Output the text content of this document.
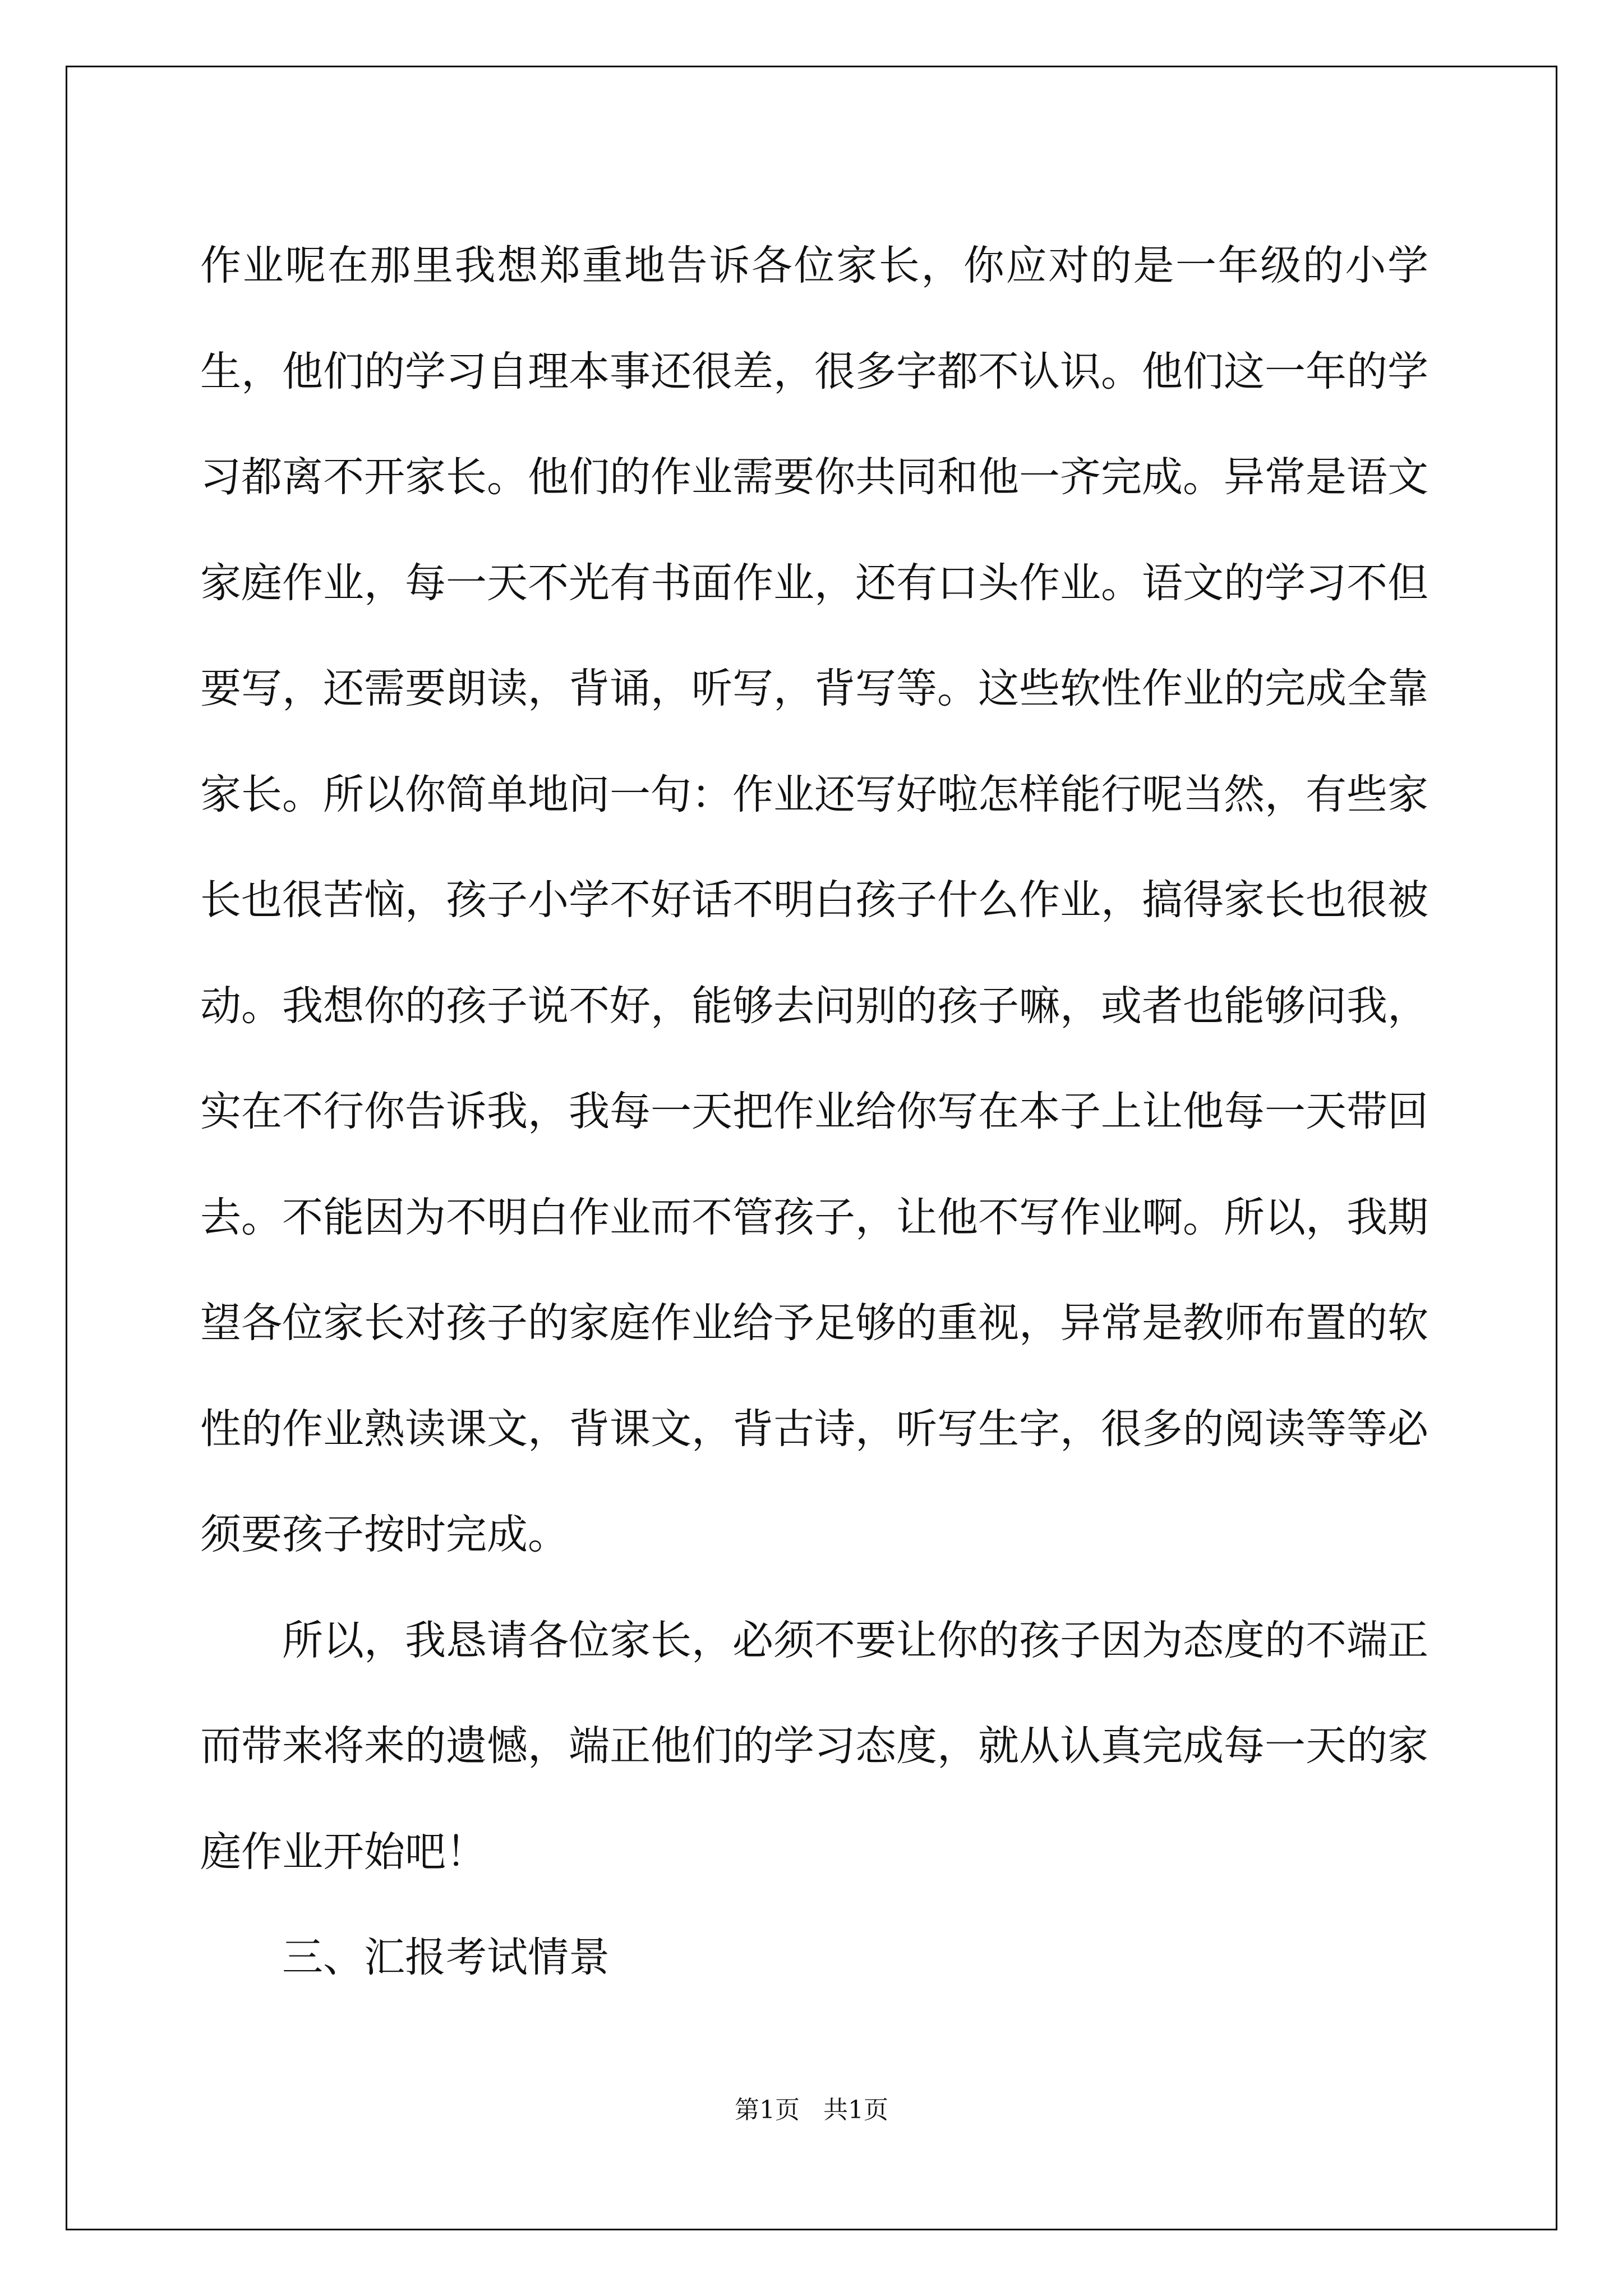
作业呢在那里我想郑重地告诉各位家长，你应对的是一年级的小学生，他们的学习自理本事还很差，很多字都不认识。他们这一年的学习都离不开家长。他们的作业需要你共同和他一齐完成。异常是语文家庭作业，每一天不光有书面作业，还有口头作业。语文的学习不但要写，还需要朗读，背诵，听写，背写等。这些软性作业的完成全靠家长。所以你简单地问一句：作业还写好啦怎样能行呢当然，有些家长也很苦恼，孩子小学不好话不明白孩子什么作业，搞得家长也很被动。我想你的孩子说不好，能够去问别的孩子嘛，或者也能够问我，实在不行你告诉我，我每一天把作业给你写在本子上让他每一天带回去。不能因为不明白作业而不管孩子，让他不写作业啊。所以，我期望各位家长对孩子的家庭作业给予足够的重视，异常是教师布置的软性的作业熟读课文，背课文，背古诗，听写生字，很多的阅读等等必须要孩子按时完成。

所以，我恳请各位家长，必须不要让你的孩子因为态度的不端正而带来将来的遗憾，端正他们的学习态度，就从认真完成每一天的家庭作业开始吧！

三、汇报考试情景

第1页   共1页
